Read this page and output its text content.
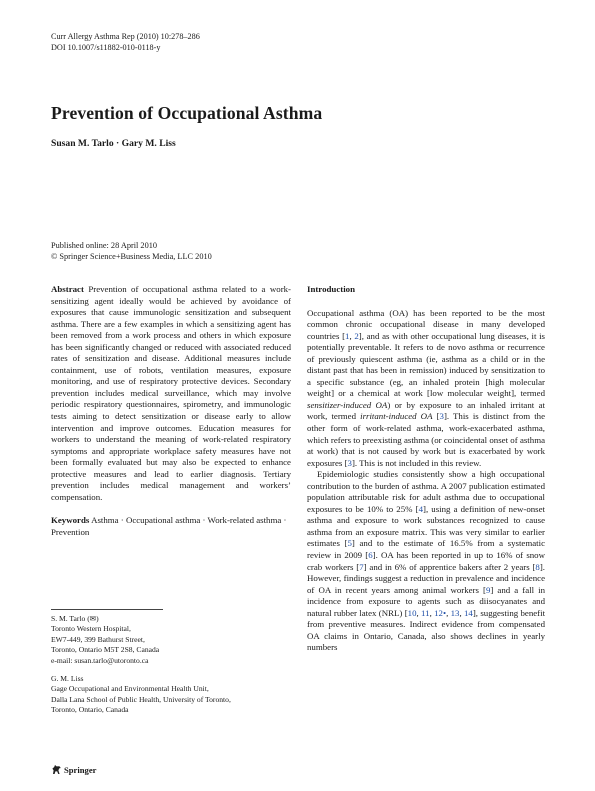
Curr Allergy Asthma Rep (2010) 10:278–286
DOI 10.1007/s11882-010-0118-y
Prevention of Occupational Asthma
Susan M. Tarlo · Gary M. Liss
Published online: 28 April 2010
© Springer Science+Business Media, LLC 2010

Abstract Prevention of occupational asthma related to a work-sensitizing agent ideally would be achieved by avoidance of exposures that cause immunologic sensitization and subsequent asthma. There are a few examples in which a sensitizing agent has been removed from a work process and others in which exposure has been significantly changed or reduced with associated reduced rates of sensitization and disease. Additional measures include containment, use of robots, ventilation measures, exposure monitoring, and use of respiratory protective devices. Secondary prevention includes medical surveillance, which may involve periodic respiratory questionnaires, spirometry, and immunologic tests aiming to detect sensitization or disease early to allow intervention and improve outcomes. Education measures for workers to understand the meaning of work-related respiratory symptoms and appropriate workplace safety measures have not been formally evaluated but may also be expected to enhance protective measures and lead to earlier diagnosis. Tertiary prevention includes medical management and workers’ compensation.

Keywords Asthma · Occupational asthma · Work-related asthma · Prevention

S. M. Tarlo (✉)
Toronto Western Hospital,
EW7-449, 399 Bathurst Street,
Toronto, Ontario M5T 2S8, Canada
e-mail: susan.tarlo@utoronto.ca
G. M. Liss
Gage Occupational and Environmental Health Unit,
Dalla Lana School of Public Health, University of Toronto,
Toronto, Ontario, Canada
Springer

Introduction

Occupational asthma (OA) has been reported to be the most common chronic occupational disease in many developed countries [1, 2], and as with other occupational lung diseases, it is potentially preventable. It refers to de novo asthma or recurrence of previously quiescent asthma (ie, asthma as a child or in the distant past that has been in remission) induced by sensitization to a specific substance (eg, an inhaled protein [high molecular weight] or a chemical at work [low molecular weight], termed sensitizer-induced OA) or by exposure to an inhaled irritant at work, termed irritant-induced OA [3]. This is distinct from the other form of work-related asthma, work-exacerbated asthma, which refers to preexisting asthma (or coincidental onset of asthma at work) that is not caused by work but is exacerbated by work exposures [3]. This is not included in this review.

Epidemiologic studies consistently show a high occupational contribution to the burden of asthma. A 2007 publication estimated population attributable risk for adult asthma due to occupational exposures to be 10% to 25% [4], using a definition of new-onset asthma and exposure to work substances recognized to cause asthma from an exposure matrix. This was very similar to earlier estimates [5] and to the estimate of 16.5% from a systematic review in 2009 [6]. OA has been reported in up to 16% of snow crab workers [7] and in 6% of apprentice bakers after 2 years [8]. However, findings suggest a reduction in prevalence and incidence of OA in recent years among animal workers [9] and a fall in incidence from exposure to agents such as diisocyanates and natural rubber latex (NRL) [10, 11, 12•, 13, 14], suggesting benefit from preventive measures. Indirect evidence from compensated OA claims in Ontario, Canada, also shows declines in yearly numbers
